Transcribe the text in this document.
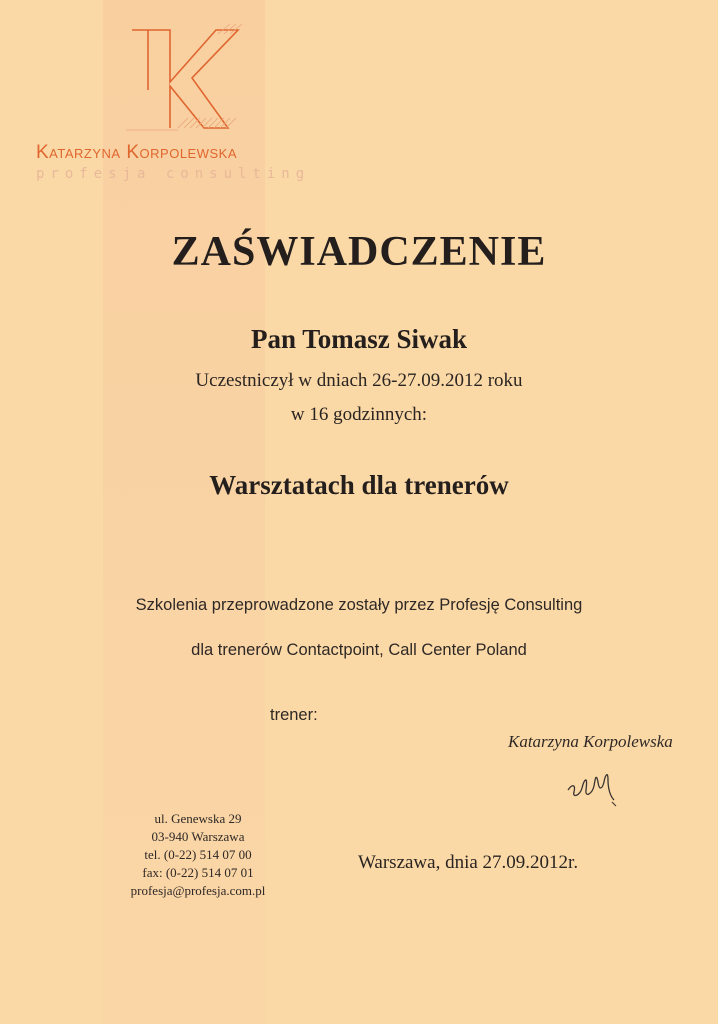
Katarzyna Korpolewska
profesja consulting
ZAŚWIADCZENIE
Pan Tomasz Siwak
Uczestniczył w dniach 26-27.09.2012 roku
w 16 godzinnych:
Warsztatach dla trenerów
Szkolenia przeprowadzone zostały przez Profesję Consulting
dla trenerów Contactpoint, Call Center Poland
trener:
Katarzyna Korpolewska
ul. Genewska 29
03-940 Warszawa
tel. (0-22) 514 07 00
fax: (0-22) 514 07 01
profesja@profesja.com.pl
Warszawa, dnia 27.09.2012r.
